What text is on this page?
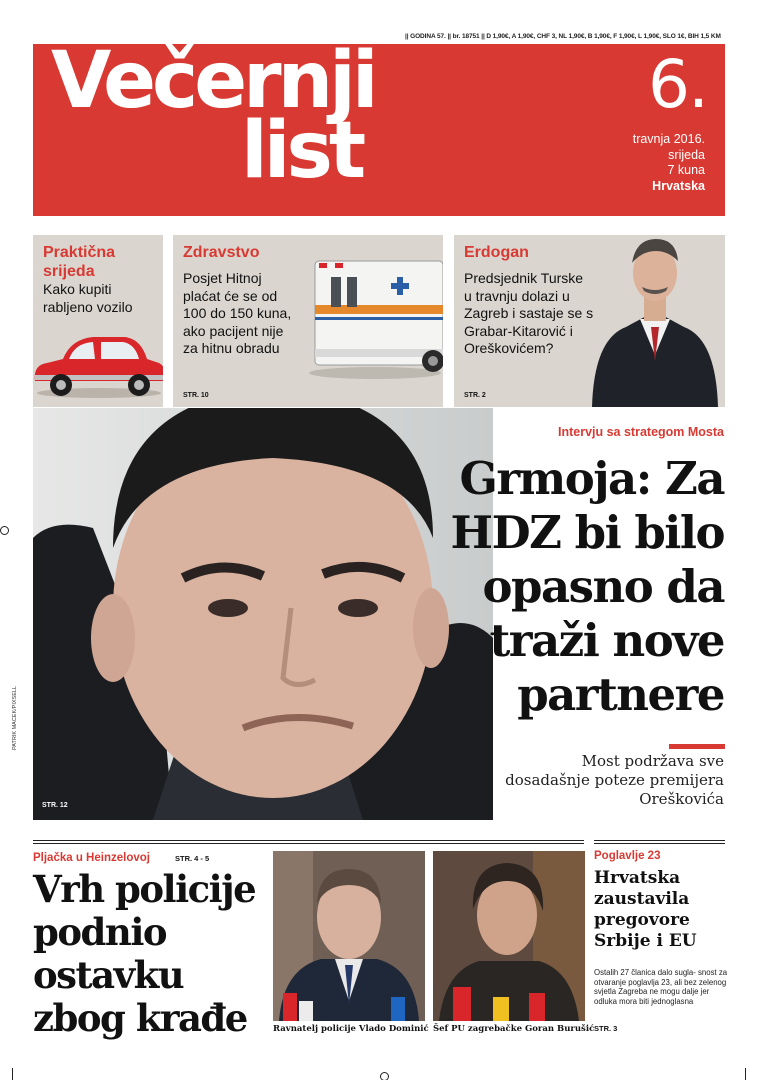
|| GODINA 57. || br. 18751 || D 1,90€, A 1,90€, CHF 3, NL 1,90€, B 1,90€, F 1,90€, L 1,90€, SLO 1€, BIH 1,5 KM
Večernji
list
6.
travnja 2016.
srijeda
7 kuna
Hrvatska
Praktična srijeda
Kako kupiti rabljeno vozilo
Zdravstvo
Posjet Hitnoj plaćat će se od 100 do 150 kuna, ako pacijent nije za hitnu obradu
STR. 10
Erdogan
Predsjednik Turske u travnju dolazi u Zagreb i sastaje se s Grabar-Kitarović i Oreškovićem?
STR. 2
PATRIK MACEK/PIXSELL
STR. 12
Intervju sa strategom Mosta
Grmoja: Za HDZ bi bilo opasno da traži nove partnere
Most podržava sve dosadašnje poteze premijera Oreškovića
Pljačka u Heinzelovoj	STR. 4 - 5
Vrh policije podnio ostavku zbog krađe	Ravnatelj policije Vlado Dominić Šef PU zagrebačke Goran Burušić
Poglavlje 23
Hrvatska zaustavila pregovore Srbije i EU
Ostalih 27 članica dalo sugla- snost za otvaranje poglavlja 23, ali bez zelenog svjetla Zagreba ne mogu dalje jer odluka mora biti jednoglasna
STR. 3
